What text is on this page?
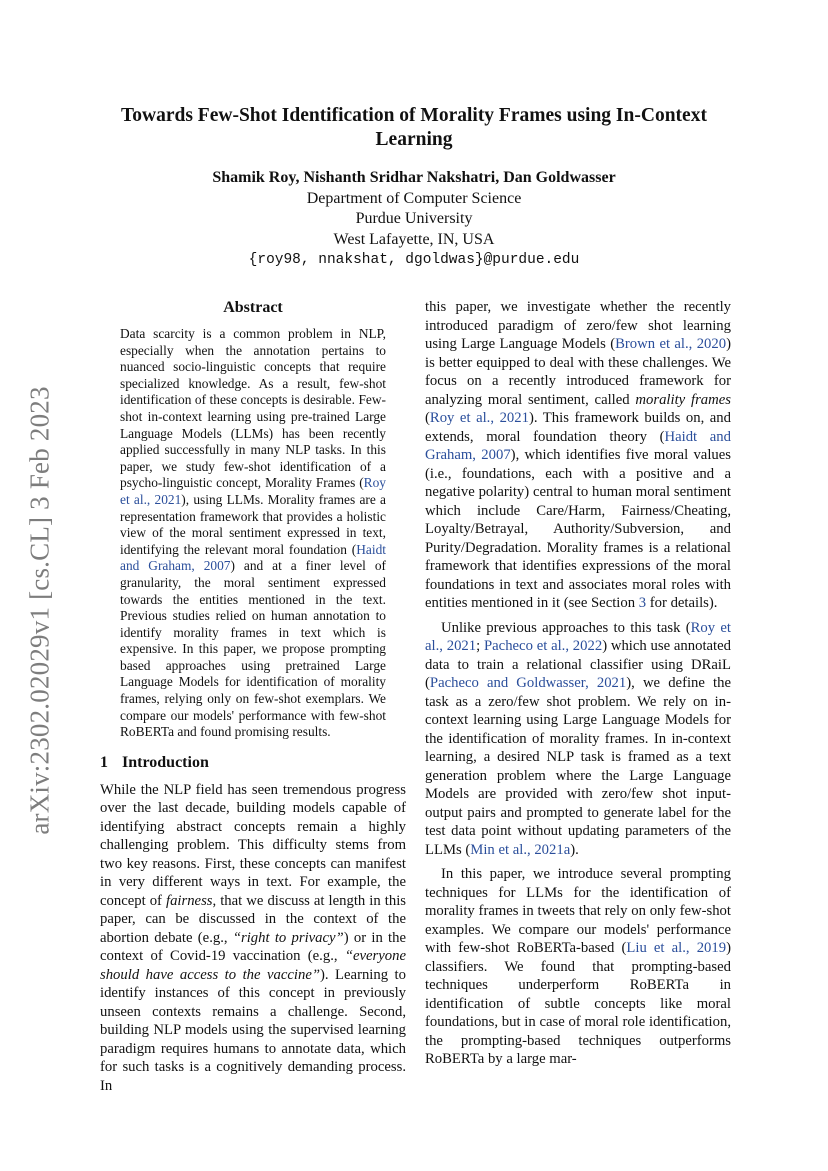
arXiv:2302.02029v1 [cs.CL] 3 Feb 2023
Towards Few-Shot Identification of Morality Frames using In-Context Learning
Shamik Roy, Nishanth Sridhar Nakshatri, Dan Goldwasser
Department of Computer Science
Purdue University
West Lafayette, IN, USA
{roy98, nnakshat, dgoldwas}@purdue.edu
Abstract

Data scarcity is a common problem in NLP, especially when the annotation pertains to nuanced socio-linguistic concepts that require specialized knowledge. As a result, few-shot identification of these concepts is desirable. Few-shot in-context learning using pre-trained Large Language Models (LLMs) has been recently applied successfully in many NLP tasks. In this paper, we study few-shot identification of a psycho-linguistic concept, Morality Frames (Roy et al., 2021), using LLMs. Morality frames are a representation framework that provides a holistic view of the moral sentiment expressed in text, identifying the relevant moral foundation (Haidt and Graham, 2007) and at a finer level of granularity, the moral sentiment expressed towards the entities mentioned in the text. Previous studies relied on human annotation to identify morality frames in text which is expensive. In this paper, we propose prompting based approaches using pretrained Large Language Models for identification of morality frames, relying only on few-shot exemplars. We compare our models' performance with few-shot RoBERTa and found promising results.

1 Introduction

While the NLP field has seen tremendous progress over the last decade, building models capable of identifying abstract concepts remain a highly challenging problem. This difficulty stems from two key reasons. First, these concepts can manifest in very different ways in text. For example, the concept of fairness, that we discuss at length in this paper, can be discussed in the context of the abortion debate (e.g., “right to privacy”) or in the context of Covid-19 vaccination (e.g., “everyone should have access to the vaccine”). Learning to identify instances of this concept in previously unseen contexts remains a challenge. Second, building NLP models using the supervised learning paradigm requires humans to annotate data, which for such tasks is a cognitively demanding process. In

this paper, we investigate whether the recently introduced paradigm of zero/few shot learning using Large Language Models (Brown et al., 2020) is better equipped to deal with these challenges. We focus on a recently introduced framework for analyzing moral sentiment, called morality frames (Roy et al., 2021). This framework builds on, and extends, moral foundation theory (Haidt and Graham, 2007), which identifies five moral values (i.e., foundations, each with a positive and a negative polarity) central to human moral sentiment which include Care/Harm, Fairness/Cheating, Loyalty/Betrayal, Authority/Subversion, and Purity/Degradation. Morality frames is a relational framework that identifies expressions of the moral foundations in text and associates moral roles with entities mentioned in it (see Section 3 for details).

Unlike previous approaches to this task (Roy et al., 2021; Pacheco et al., 2022) which use annotated data to train a relational classifier using DRaiL (Pacheco and Goldwasser, 2021), we define the task as a zero/few shot problem. We rely on in-context learning using Large Language Models for the identification of morality frames. In in-context learning, a desired NLP task is framed as a text generation problem where the Large Language Models are provided with zero/few shot input-output pairs and prompted to generate label for the test data point without updating parameters of the LLMs (Min et al., 2021a).

In this paper, we introduce several prompting techniques for LLMs for the identification of morality frames in tweets that rely on only few-shot examples. We compare our models' performance with few-shot RoBERTa-based (Liu et al., 2019) classifiers. We found that prompting-based techniques underperform RoBERTa in identification of subtle concepts like moral foundations, but in case of moral role identification, the prompting-based techniques outperforms RoBERTa by a large mar-
